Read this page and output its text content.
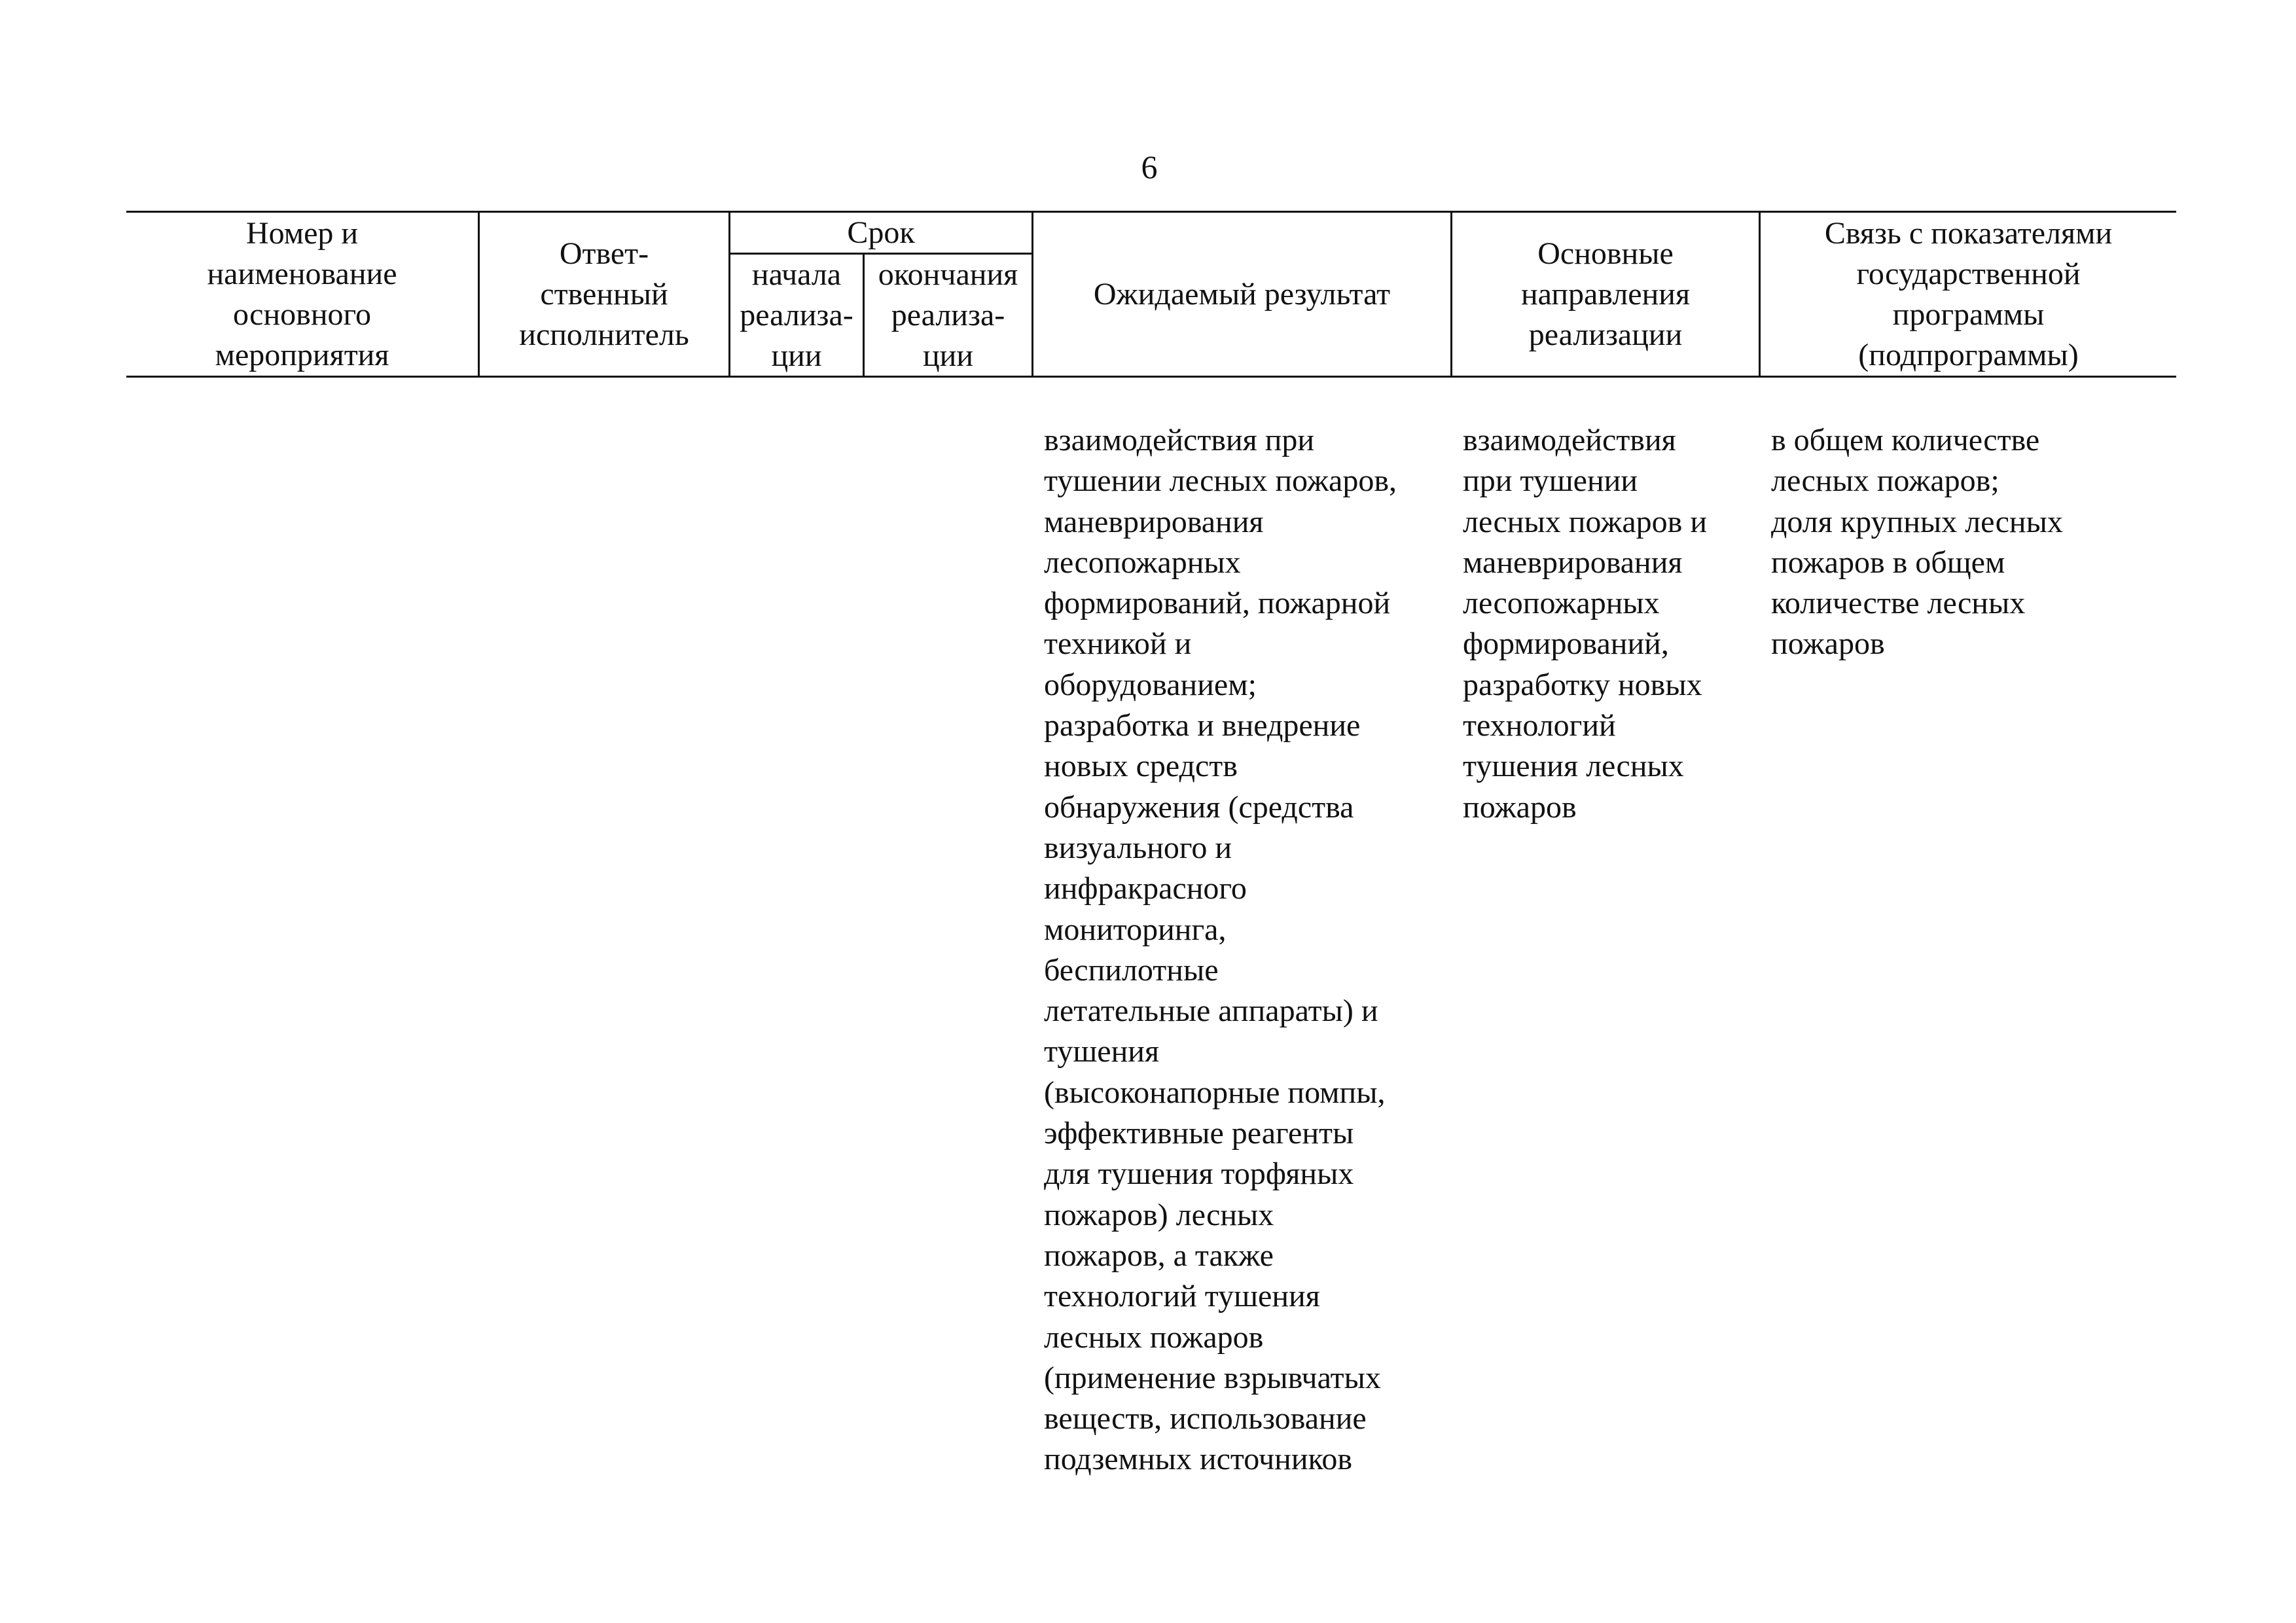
6
Номер и
наименование
основного
мероприятия
Ответ-
ственный
исполнитель
Срок
начала
реализа-
ции
окончания
реализа-
ции
Ожидаемый результат
Основные
направления
реализации
Связь с показателями
государственной
программы
(подпрограммы)
взаимодействия при
тушении лесных пожаров,
маневрирования
лесопожарных
формирований, пожарной
техникой и
оборудованием;
разработка и внедрение
новых средств
обнаружения (средства
визуального и
инфракрасного
мониторинга,
беспилотные
летательные аппараты) и
тушения
(высоконапорные помпы,
эффективные реагенты
для тушения торфяных
пожаров) лесных
пожаров, а также
технологий тушения
лесных пожаров
(применение взрывчатых
веществ, использование
подземных источников
взаимодействия
при тушении
лесных пожаров и
маневрирования
лесопожарных
формирований,
разработку новых
технологий
тушения лесных
пожаров
в общем количестве
лесных пожаров;
доля крупных лесных
пожаров в общем
количестве лесных
пожаров
